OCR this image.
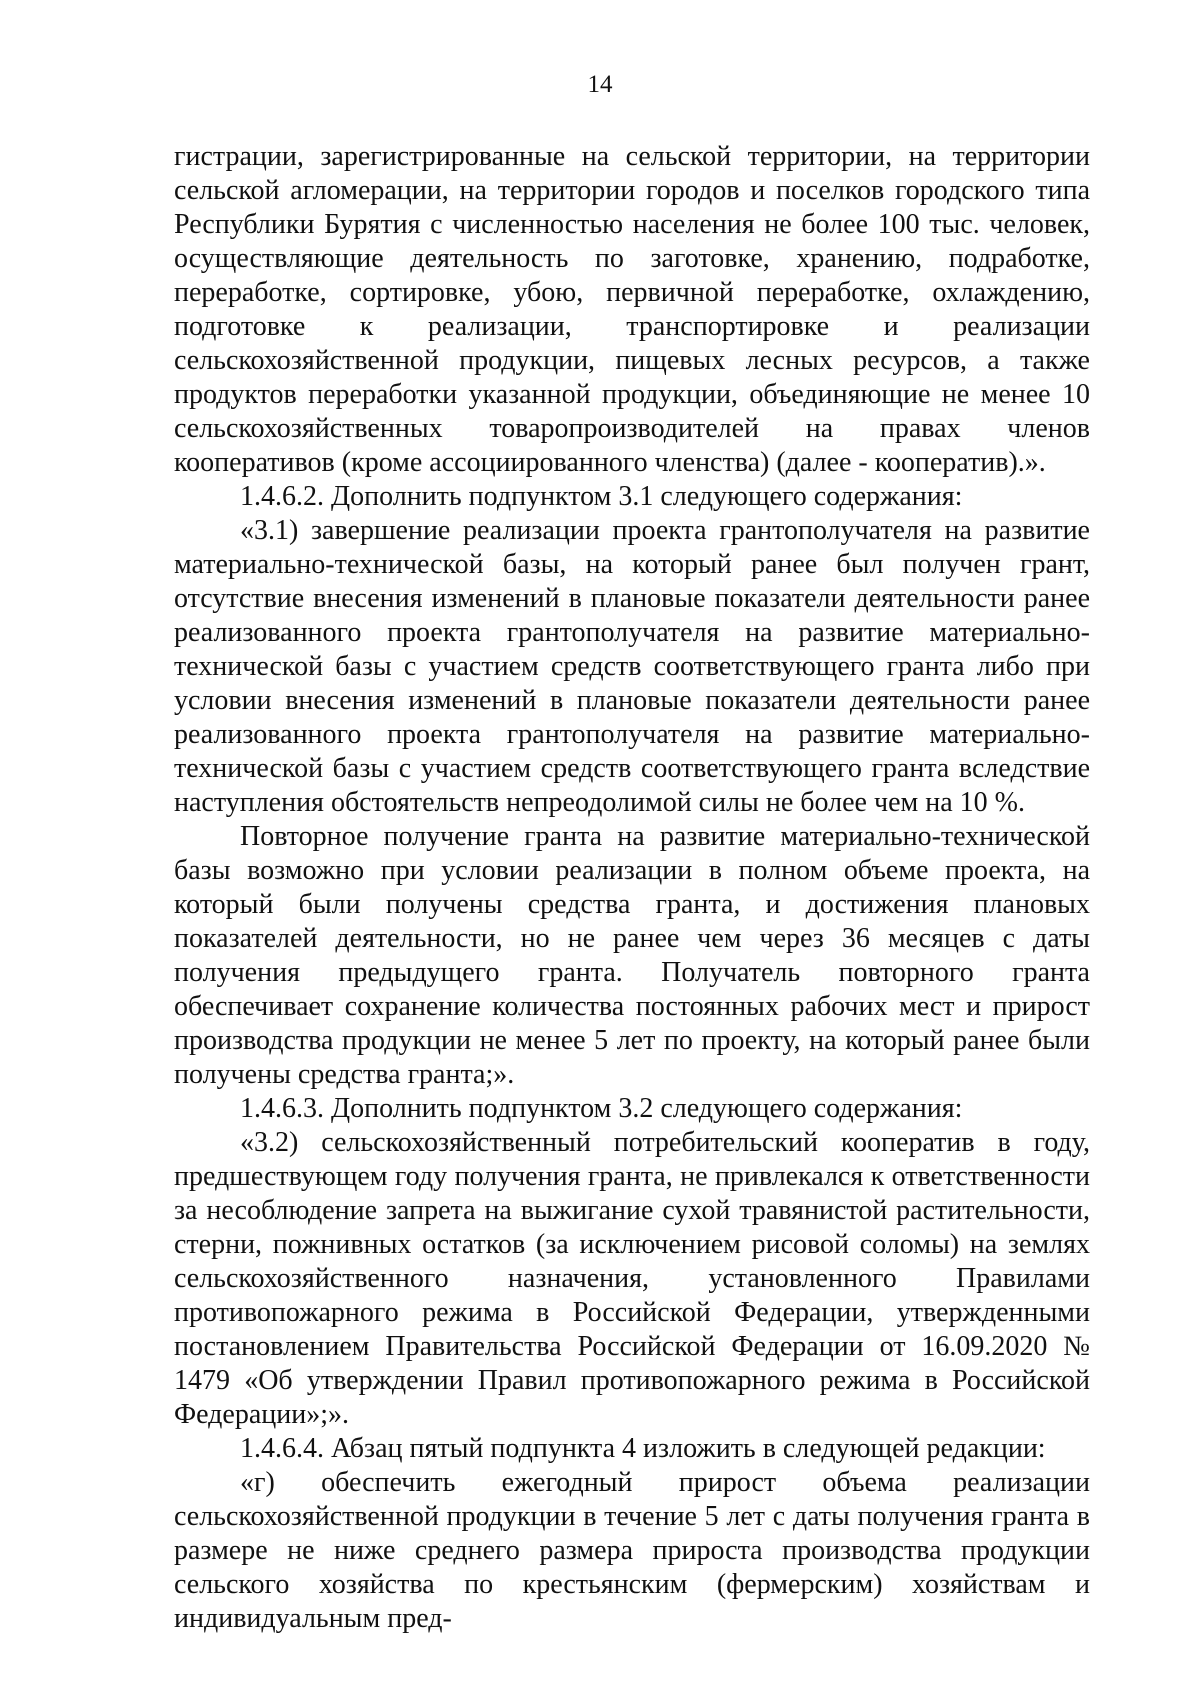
14

гистрации, зарегистрированные на сельской территории, на территории сельской агломерации, на территории городов и поселков городского типа Республики Бурятия с численностью населения не более 100 тыс. человек, осуществляющие деятельность по заготовке, хранению, подработке, переработке, сортировке, убою, первичной переработке, охлаждению, подготовке к реализации, транспортировке и реализации сельскохозяйственной продукции, пищевых лесных ресурсов, а также продуктов переработки указанной продукции, объединяющие не менее 10 сельскохозяйственных товаропроизводителей на правах членов кооперативов (кроме ассоциированного членства) (далее - кооператив).».

1.4.6.2. Дополнить подпунктом 3.1 следующего содержания:

«3.1) завершение реализации проекта грантополучателя на развитие материально-технической базы, на который ранее был получен грант, отсутствие внесения изменений в плановые показатели деятельности ранее реализованного проекта грантополучателя на развитие материально-технической базы с участием средств соответствующего гранта либо при условии внесения изменений в плановые показатели деятельности ранее реализованного проекта грантополучателя на развитие материально-технической базы с участием средств соответствующего гранта вследствие наступления обстоятельств непреодолимой силы не более чем на 10 %.

Повторное получение гранта на развитие материально-технической базы возможно при условии реализации в полном объеме проекта, на который были получены средства гранта, и достижения плановых показателей деятельности, но не ранее чем через 36 месяцев с даты получения предыдущего гранта. Получатель повторного гранта обеспечивает сохранение количества постоянных рабочих мест и прирост производства продукции не менее 5 лет по проекту, на который ранее были получены средства гранта;».

1.4.6.3. Дополнить подпунктом 3.2 следующего содержания:

«3.2) сельскохозяйственный потребительский кооператив в году, предшествующем году получения гранта, не привлекался к ответственности за несоблюдение запрета на выжигание сухой травянистой растительности, стерни, пожнивных остатков (за исключением рисовой соломы) на землях сельскохозяйственного назначения, установленного Правилами противопожарного режима в Российской Федерации, утвержденными постановлением Правительства Российской Федерации от 16.09.2020 № 1479 «Об утверждении Правил противопожарного режима в Российской Федерации»;».

1.4.6.4. Абзац пятый подпункта 4 изложить в следующей редакции:

«г) обеспечить ежегодный прирост объема реализации сельскохозяйственной продукции в течение 5 лет с даты получения гранта в размере не ниже среднего размера прироста производства продукции сельского хозяйства по крестьянским (фермерским) хозяйствам и индивидуальным пред-
